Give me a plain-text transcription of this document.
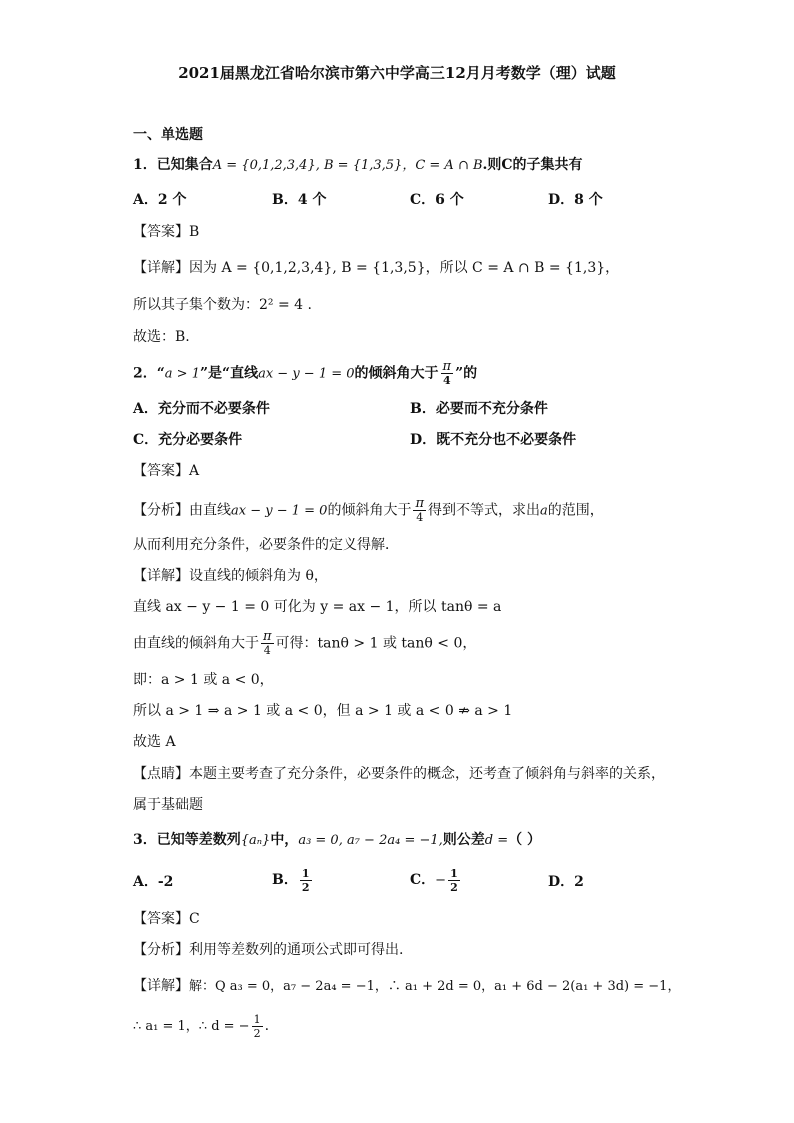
2021届黑龙江省哈尔滨市第六中学高三12月月考数学（理）试题
一、单选题
1．已知集合A = {0,1,2,3,4}, B = {1,3,5}，C = A ∩ B.则C的子集共有
A．2 个	B．4 个	C．6 个	D．8 个
【答案】B
【详解】因为 A = {0,1,2,3,4}, B = {1,3,5}，所以 C = A ∩ B = {1,3}，
所以其子集个数为：2² = 4 .
故选：B.
2．“a > 1”是“直线ax − y − 1 = 0的倾斜角大于 $\frac{\pi}{4}$ ”的
A．充分而不必要条件	B．必要而不充分条件
C．充分必要条件	D．既不充分也不必要条件
【答案】A
【分析】由直线ax − y − 1 = 0的倾斜角大于 $\frac{\pi}{4}$ 得到不等式，求出a的范围，
从而利用充分条件，必要条件的定义得解．
【详解】设直线的倾斜角为 θ，
直线 ax − y − 1 = 0 可化为 y = ax − 1，所以 tanθ = a
由直线的倾斜角大于 $\frac{\pi}{4}$ 可得：tanθ > 1 或 tanθ < 0，
即：a > 1 或 a < 0，
所以 a > 1 ⇒ a > 1 或 a < 0，但 a > 1 或 a < 0 ⇏ a > 1
故选 A
【点睛】本题主要考查了充分条件，必要条件的概念，还考查了倾斜角与斜率的关系，
属于基础题
3．已知等差数列{aₙ}中，a₃ = 0, a₇ − 2a₄ = −1,则公差d =（ ）
A．-2	B． $\frac{1}{2}$	C．− $\frac{1}{2}$	D．2
【答案】C
【分析】利用等差数列的通项公式即可得出.
【详解】解：Q a₃ = 0，a₇ − 2a₄ = −1，∴ a₁ + 2d = 0，a₁ + 6d − 2(a₁ + 3d) = −1，
∴ a₁ = 1，∴ d = − $\frac{1}{2}$ .
